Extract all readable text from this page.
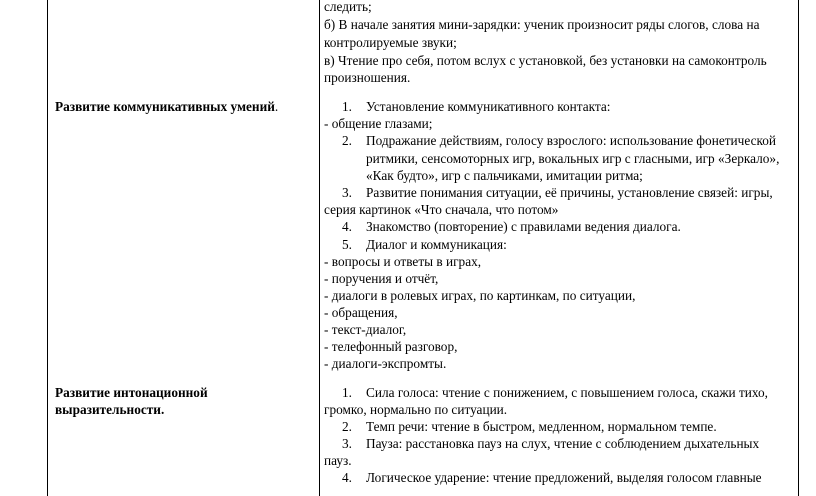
следить;
б) В начале занятия мини-зарядки: ученик произносит ряды слогов, слова на
контролируемые звуки;
в) Чтение про себя, потом вслух с установкой, без установки на самоконтроль
произношения.
Развитие коммуникативных умений.	1. Установление коммуникативного контакта:
- общение глазами;
2. Подражание действиям, голосу взрослого: использование фонетической
ритмики, сенсомоторных игр, вокальных игр с гласными, игр «Зеркало»,
«Как будто», игр с пальчиками, имитации ритма;
3. Развитие понимания ситуации, её причины, установление связей: игры,
серия картинок «Что сначала, что потом»
4. Знакомство (повторение) с правилами ведения диалога.
5. Диалог и коммуникация:
- вопросы и ответы в играх,
- поручения и отчёт,
- диалоги в ролевых играх, по картинкам, по ситуации,
- обращения,
- текст-диалог,
- телефонный разговор,
- диалоги-экспромты.
Развитие интонационной
выразительности.
1. Сила голоса: чтение с понижением, с повышением голоса, скажи тихо,
громко, нормально по ситуации.
2. Темп речи: чтение в быстром, медленном, нормальном темпе.
3. Пауза: расстановка пауз на слух, чтение с соблюдением дыхательных
пауз.
4. Логическое ударение: чтение предложений, выделяя голосом главные
